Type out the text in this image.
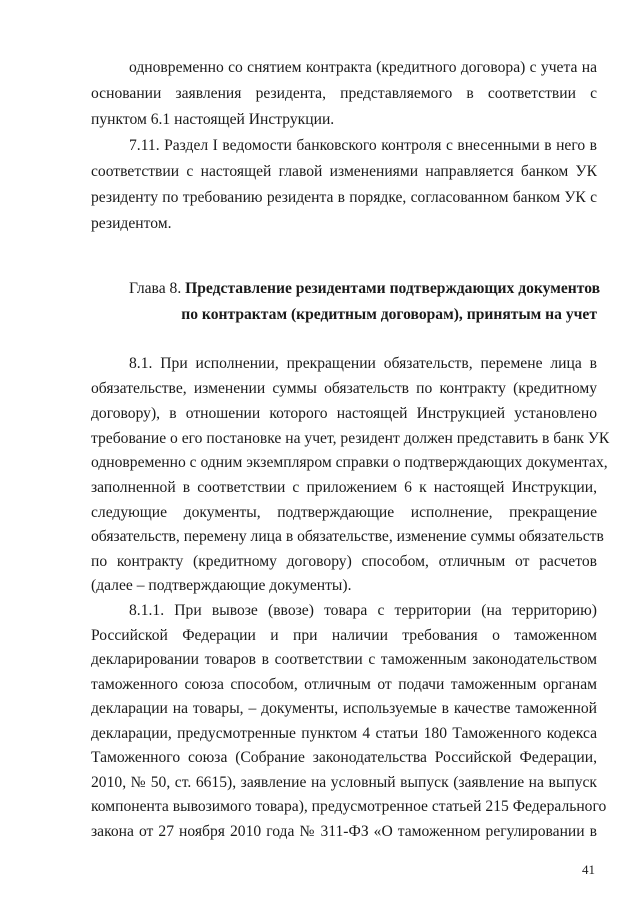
одновременно со снятием контракта (кредитного договора) с учета на
основании заявления резидента, представляемого в соответствии с
пунктом 6.1 настоящей Инструкции.
7.11. Раздел I ведомости банковского контроля с внесенными в него в
соответствии с настоящей главой изменениями направляется банком УК
резиденту по требованию резидента в порядке, согласованном банком УК с
резидентом.
Глава 8. Представление резидентами подтверждающих документов
по контрактам (кредитным договорам), принятым на учет
8.1. При исполнении, прекращении обязательств, перемене лица в
обязательстве, изменении суммы обязательств по контракту (кредитному
договору), в отношении которого настоящей Инструкцией установлено
требование о его постановке на учет, резидент должен представить в банк УК
одновременно с одним экземпляром справки о подтверждающих документах,
заполненной в соответствии с приложением 6 к настоящей Инструкции,
следующие документы, подтверждающие исполнение, прекращение
обязательств, перемену лица в обязательстве, изменение суммы обязательств
по контракту (кредитному договору) способом, отличным от расчетов
(далее – подтверждающие документы).
8.1.1. При вывозе (ввозе) товара с территории (на территорию)
Российской Федерации и при наличии требования о таможенном
декларировании товаров в соответствии с таможенным законодательством
таможенного союза способом, отличным от подачи таможенным органам
декларации на товары, – документы, используемые в качестве таможенной
декларации, предусмотренные пунктом 4 статьи 180 Таможенного кодекса
Таможенного союза (Собрание законодательства Российской Федерации,
2010, № 50, ст. 6615), заявление на условный выпуск (заявление на выпуск
компонента вывозимого товара), предусмотренное статьей 215 Федерального
закона от 27 ноября 2010 года № 311-ФЗ «О таможенном регулировании в
41
